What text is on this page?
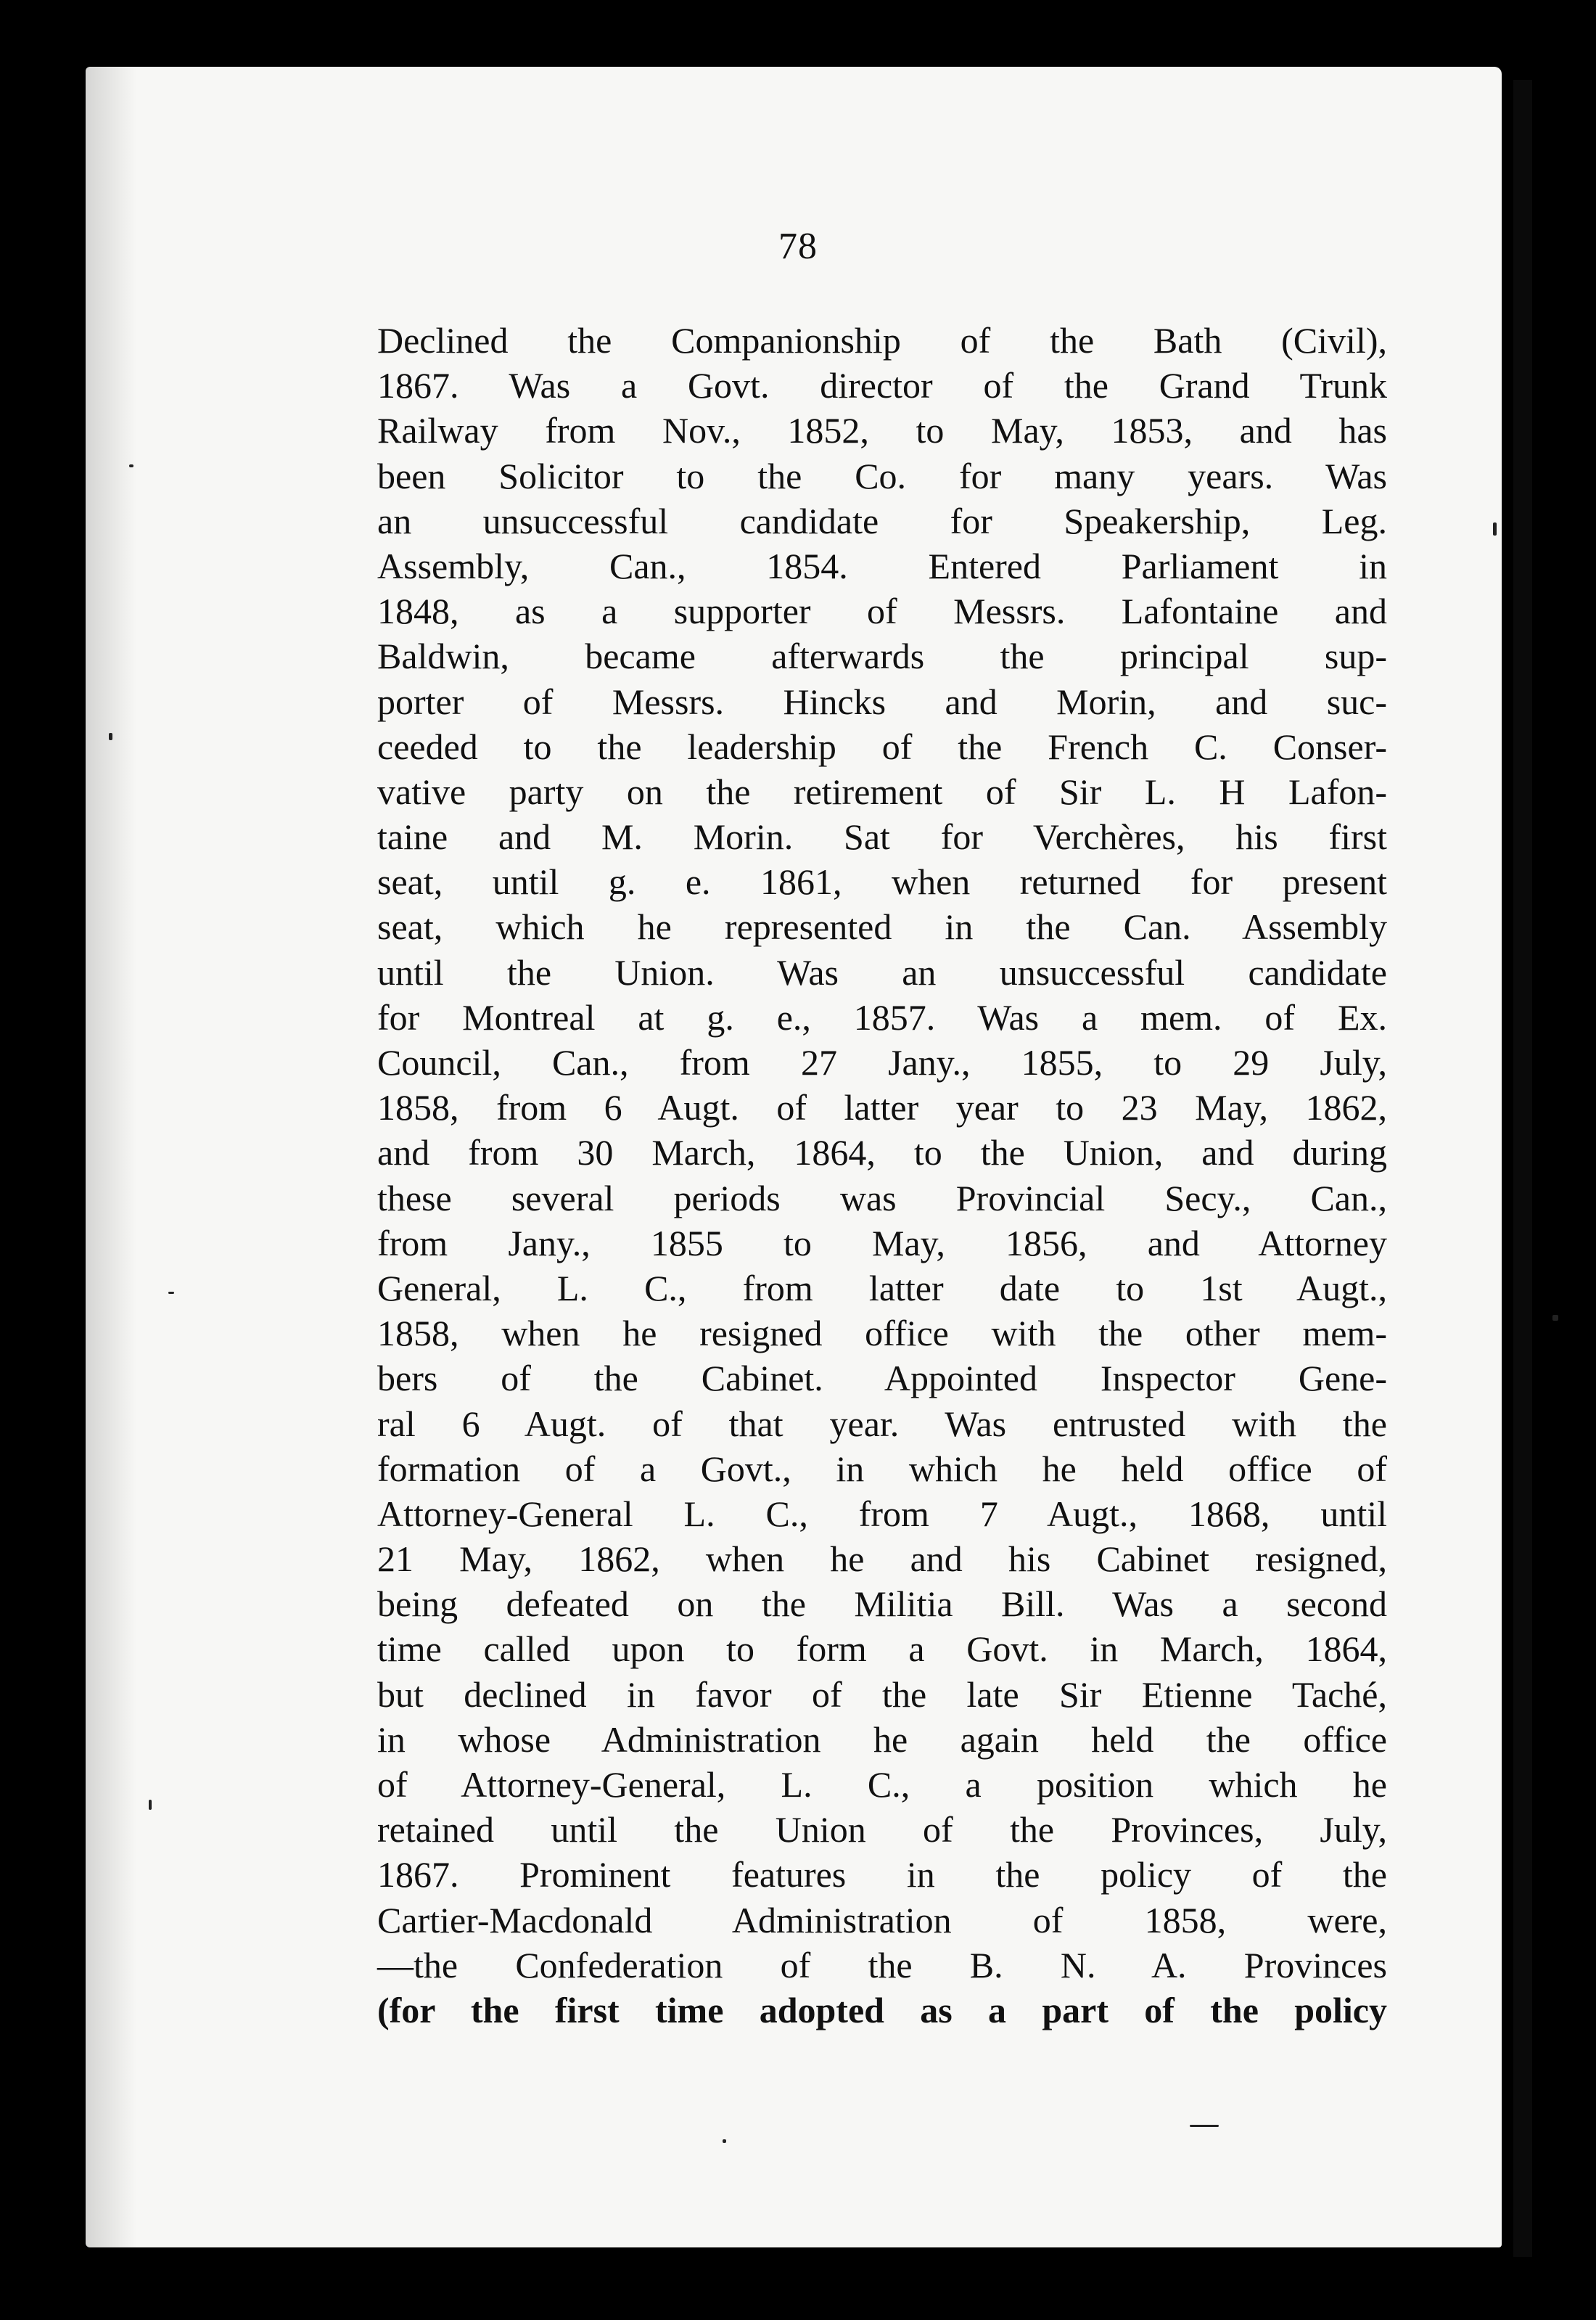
78
Declined the Companionship of the Bath (Civil),
1867. Was a Govt. director of the Grand Trunk
Railway from Nov., 1852, to May, 1853, and has
been Solicitor to the Co. for many years. Was
an unsuccessful candidate for Speakership, Leg.
Assembly, Can., 1854. Entered Parliament in
1848, as a supporter of Messrs. Lafontaine and
Baldwin, became afterwards the principal sup-
porter of Messrs. Hincks and Morin, and suc-
ceeded to the leadership of the French C. Conser-
vative party on the retirement of Sir L. H Lafon-
taine and M. Morin. Sat for Verchères, his first
seat, until g. e. 1861, when returned for present
seat, which he represented in the Can. Assembly
until the Union. Was an unsuccessful candidate
for Montreal at g. e., 1857. Was a mem. of Ex.
Council, Can., from 27 Jany., 1855, to 29 July,
1858, from 6 Augt. of latter year to 23 May, 1862,
and from 30 March, 1864, to the Union, and during
these several periods was Provincial Secy., Can.,
from Jany., 1855 to May, 1856, and Attorney
General, L. C., from latter date to 1st Augt.,
1858, when he resigned office with the other mem-
bers of the Cabinet. Appointed Inspector Gene-
ral 6 Augt. of that year. Was entrusted with the
formation of a Govt., in which he held office of
Attorney-General L. C., from 7 Augt., 1868, until
21 May, 1862, when he and his Cabinet resigned,
being defeated on the Militia Bill. Was a second
time called upon to form a Govt. in March, 1864,
but declined in favor of the late Sir Etienne Taché,
in whose Administration he again held the office
of Attorney-General, L. C., a position which he
retained until the Union of the Provinces, July,
1867. Prominent features in the policy of the
Cartier-Macdonald Administration of 1858, were,
—the Confederation of the B. N. A. Provinces
(for the first time adopted as a part of the policy
